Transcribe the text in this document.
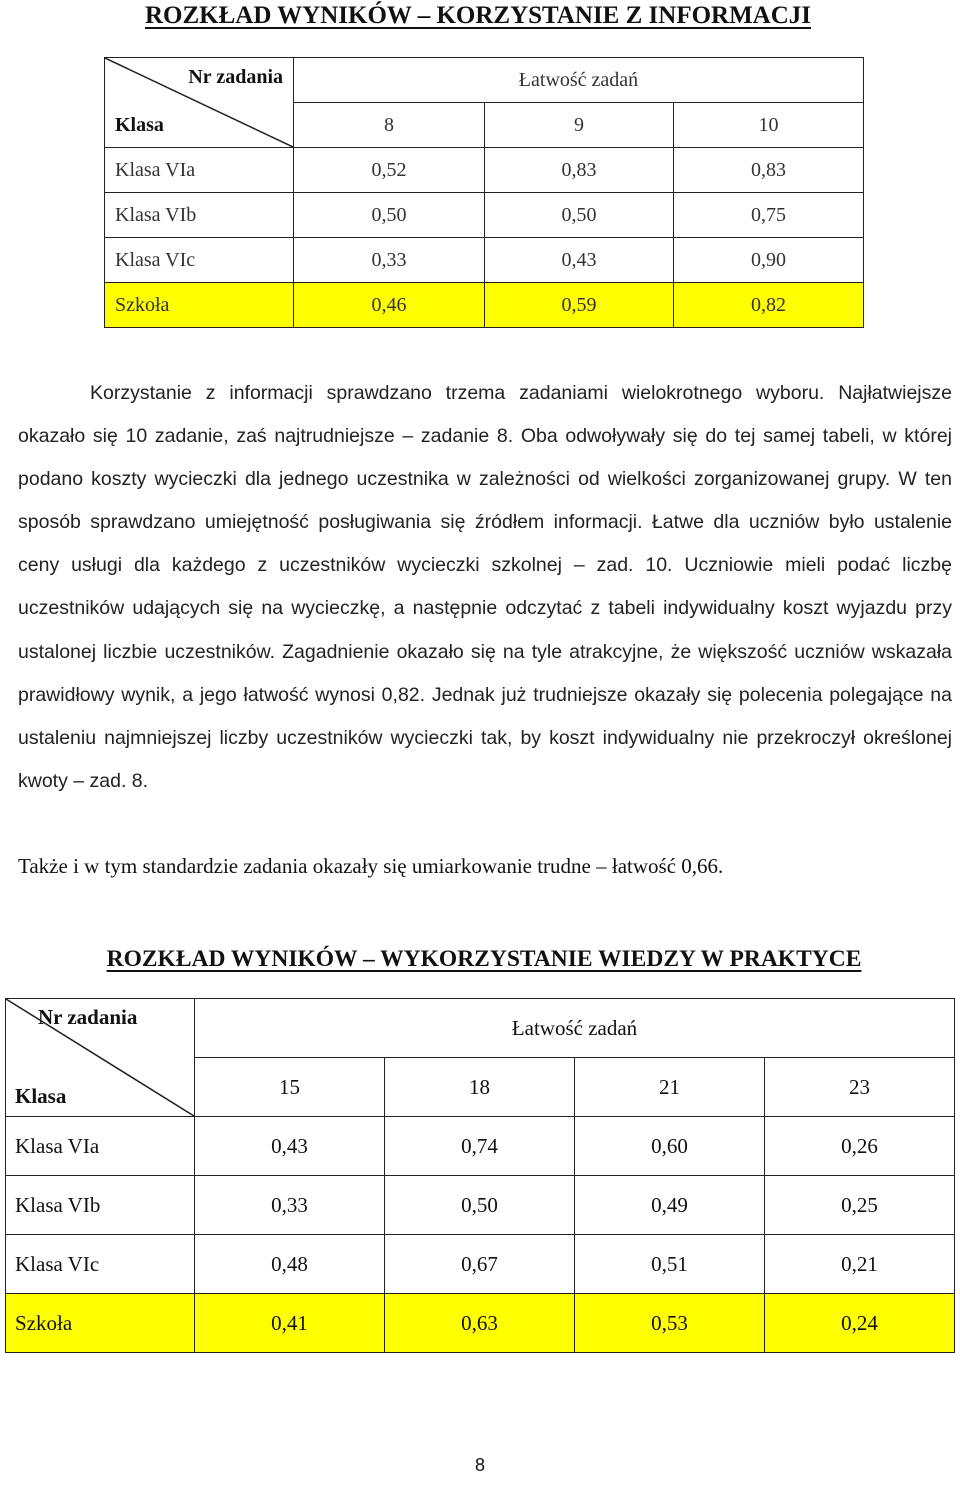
ROZKŁAD WYNIKÓW – KORZYSTANIE Z INFORMACJI
Nr zadania
Klasa	Łatwość zadań		
	8	9	10
Klasa VIa	0,52	0,83	0,83
Klasa VIb	0,50	0,50	0,75
Klasa VIc	0,33	0,43	0,90
Szkoła	0,46	0,59	0,82

Korzystanie z informacji sprawdzano trzema zadaniami wielokrotnego wyboru. Najłatwiejsze okazało się 10 zadanie, zaś najtrudniejsze – zadanie 8. Oba odwoływały się do tej samej tabeli, w której podano koszty wycieczki dla jednego uczestnika w zależności od wielkości zorganizowanej grupy. W ten sposób sprawdzano umiejętność posługiwania się źródłem informacji. Łatwe dla uczniów było ustalenie ceny usługi dla każdego z uczestników wycieczki szkolnej – zad. 10. Uczniowie mieli podać liczbę uczestników udających się na wycieczkę, a następnie odczytać z tabeli indywidualny koszt wyjazdu przy ustalonej liczbie uczestników. Zagadnienie okazało się na tyle atrakcyjne, że większość uczniów wskazała prawidłowy wynik, a jego łatwość wynosi 0,82. Jednak już trudniejsze okazały się polecenia polegające na ustaleniu najmniejszej liczby uczestników wycieczki tak, by koszt indywidualny nie przekroczył określonej kwoty – zad. 8.

Także i w tym standardzie zadania okazały się umiarkowanie trudne – łatwość 0,66.

ROZKŁAD WYNIKÓW – WYKORZYSTANIE WIEDZY W PRAKTYCE
Nr zadania
Klasa	Łatwość zadań			
	15	18	21	23
Klasa VIa	0,43	0,74	0,60	0,26
Klasa VIb	0,33	0,50	0,49	0,25
Klasa VIc	0,48	0,67	0,51	0,21
Szkoła	0,41	0,63	0,53	0,24
8
